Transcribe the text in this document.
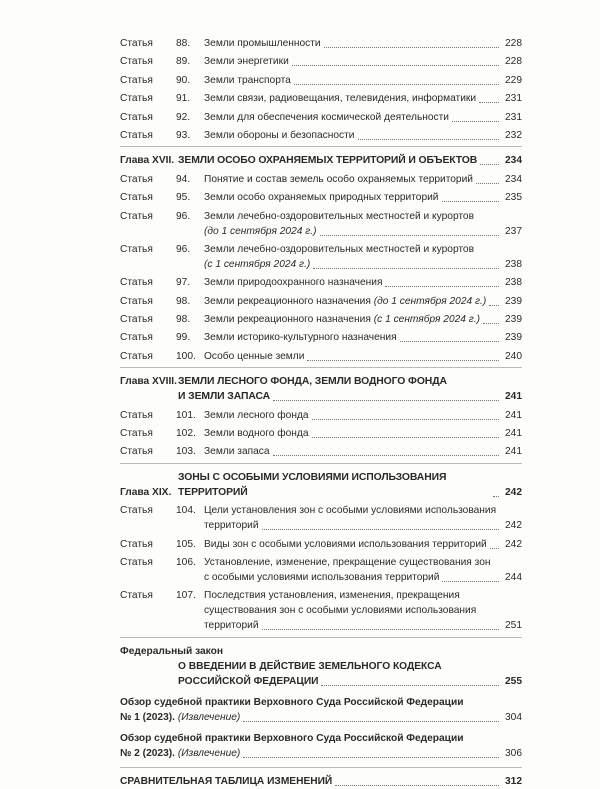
Статья	88.	Земли промышленности	228
Статья	89.	Земли энергетики	228
Статья	90.	Земли транспорта	229
Статья	91.	Земли связи, радиовещания, телевидения, информатики	231
Статья	92.	Земли для обеспечения космической деятельности	231
Статья	93.	Земли обороны и безопасности	232
Глава XVII. ЗЕМЛИ ОСОБО ОХРАНЯЕМЫХ ТЕРРИТОРИЙ И ОБЪЕКТОВ	234
Статья	94.	Понятие и состав земель особо охраняемых территорий	234
Статья	95.	Земли особо охраняемых природных территорий	235
Статья	96.	Земли лечебно-оздоровительных местностей и курортов
(до 1 сентября 2024 г.)	237
Статья	96.	Земли лечебно-оздоровительных местностей и курортов
(с 1 сентября 2024 г.)	238
Статья	97.	Земли природоохранного назначения	238
Статья	98.	Земли рекреационного назначения (до 1 сентября 2024 г.) 239
Статья	98.	Земли рекреационного назначения (с 1 сентября 2024 г.) 239
Статья	99.	Земли историко-культурного назначения	239
Статья	100. Особо ценные земли	240
Глава XVIII. ЗЕМЛИ ЛЕСНОГО ФОНДА, ЗЕМЛИ ВОДНОГО ФОНДА
И ЗЕМЛИ ЗАПАСА	241
Статья	101. Земли лесного фонда	241
Статья	102. Земли водного фонда	241
Статья	103. Земли запаса	241
Глава XIX.
ЗОНЫ С ОСОБЫМИ УСЛОВИЯМИ ИСПОЛЬЗОВАНИЯ ТЕРРИТОРИЙ	242
Статья	104. Цели установления зон с особыми условиями использования
территорий	242
Статья	105. Виды зон с особыми условиями использования территорий 242
Статья	106. Установление, изменение, прекращение существования зон
с особыми условиями использования территорий	244
Статья	107. Последствия установления, изменения, прекращения
существования зон с особыми условиями использования
территорий	251
Федеральный закон
О ВВЕДЕНИИ В ДЕЙСТВИЕ ЗЕМЕЛЬНОГО КОДЕКСА
РОССИЙСКОЙ ФЕДЕРАЦИИ	255
Обзор судебной практики Верховного Суда Российской Федерации
№ 1 (2023). (Извлечение)	304
Обзор судебной практики Верховного Суда Российской Федерации
№ 2 (2023). (Извлечение)	306
СРАВНИТЕЛЬНАЯ ТАБЛИЦА ИЗМЕНЕНИЙ	312
